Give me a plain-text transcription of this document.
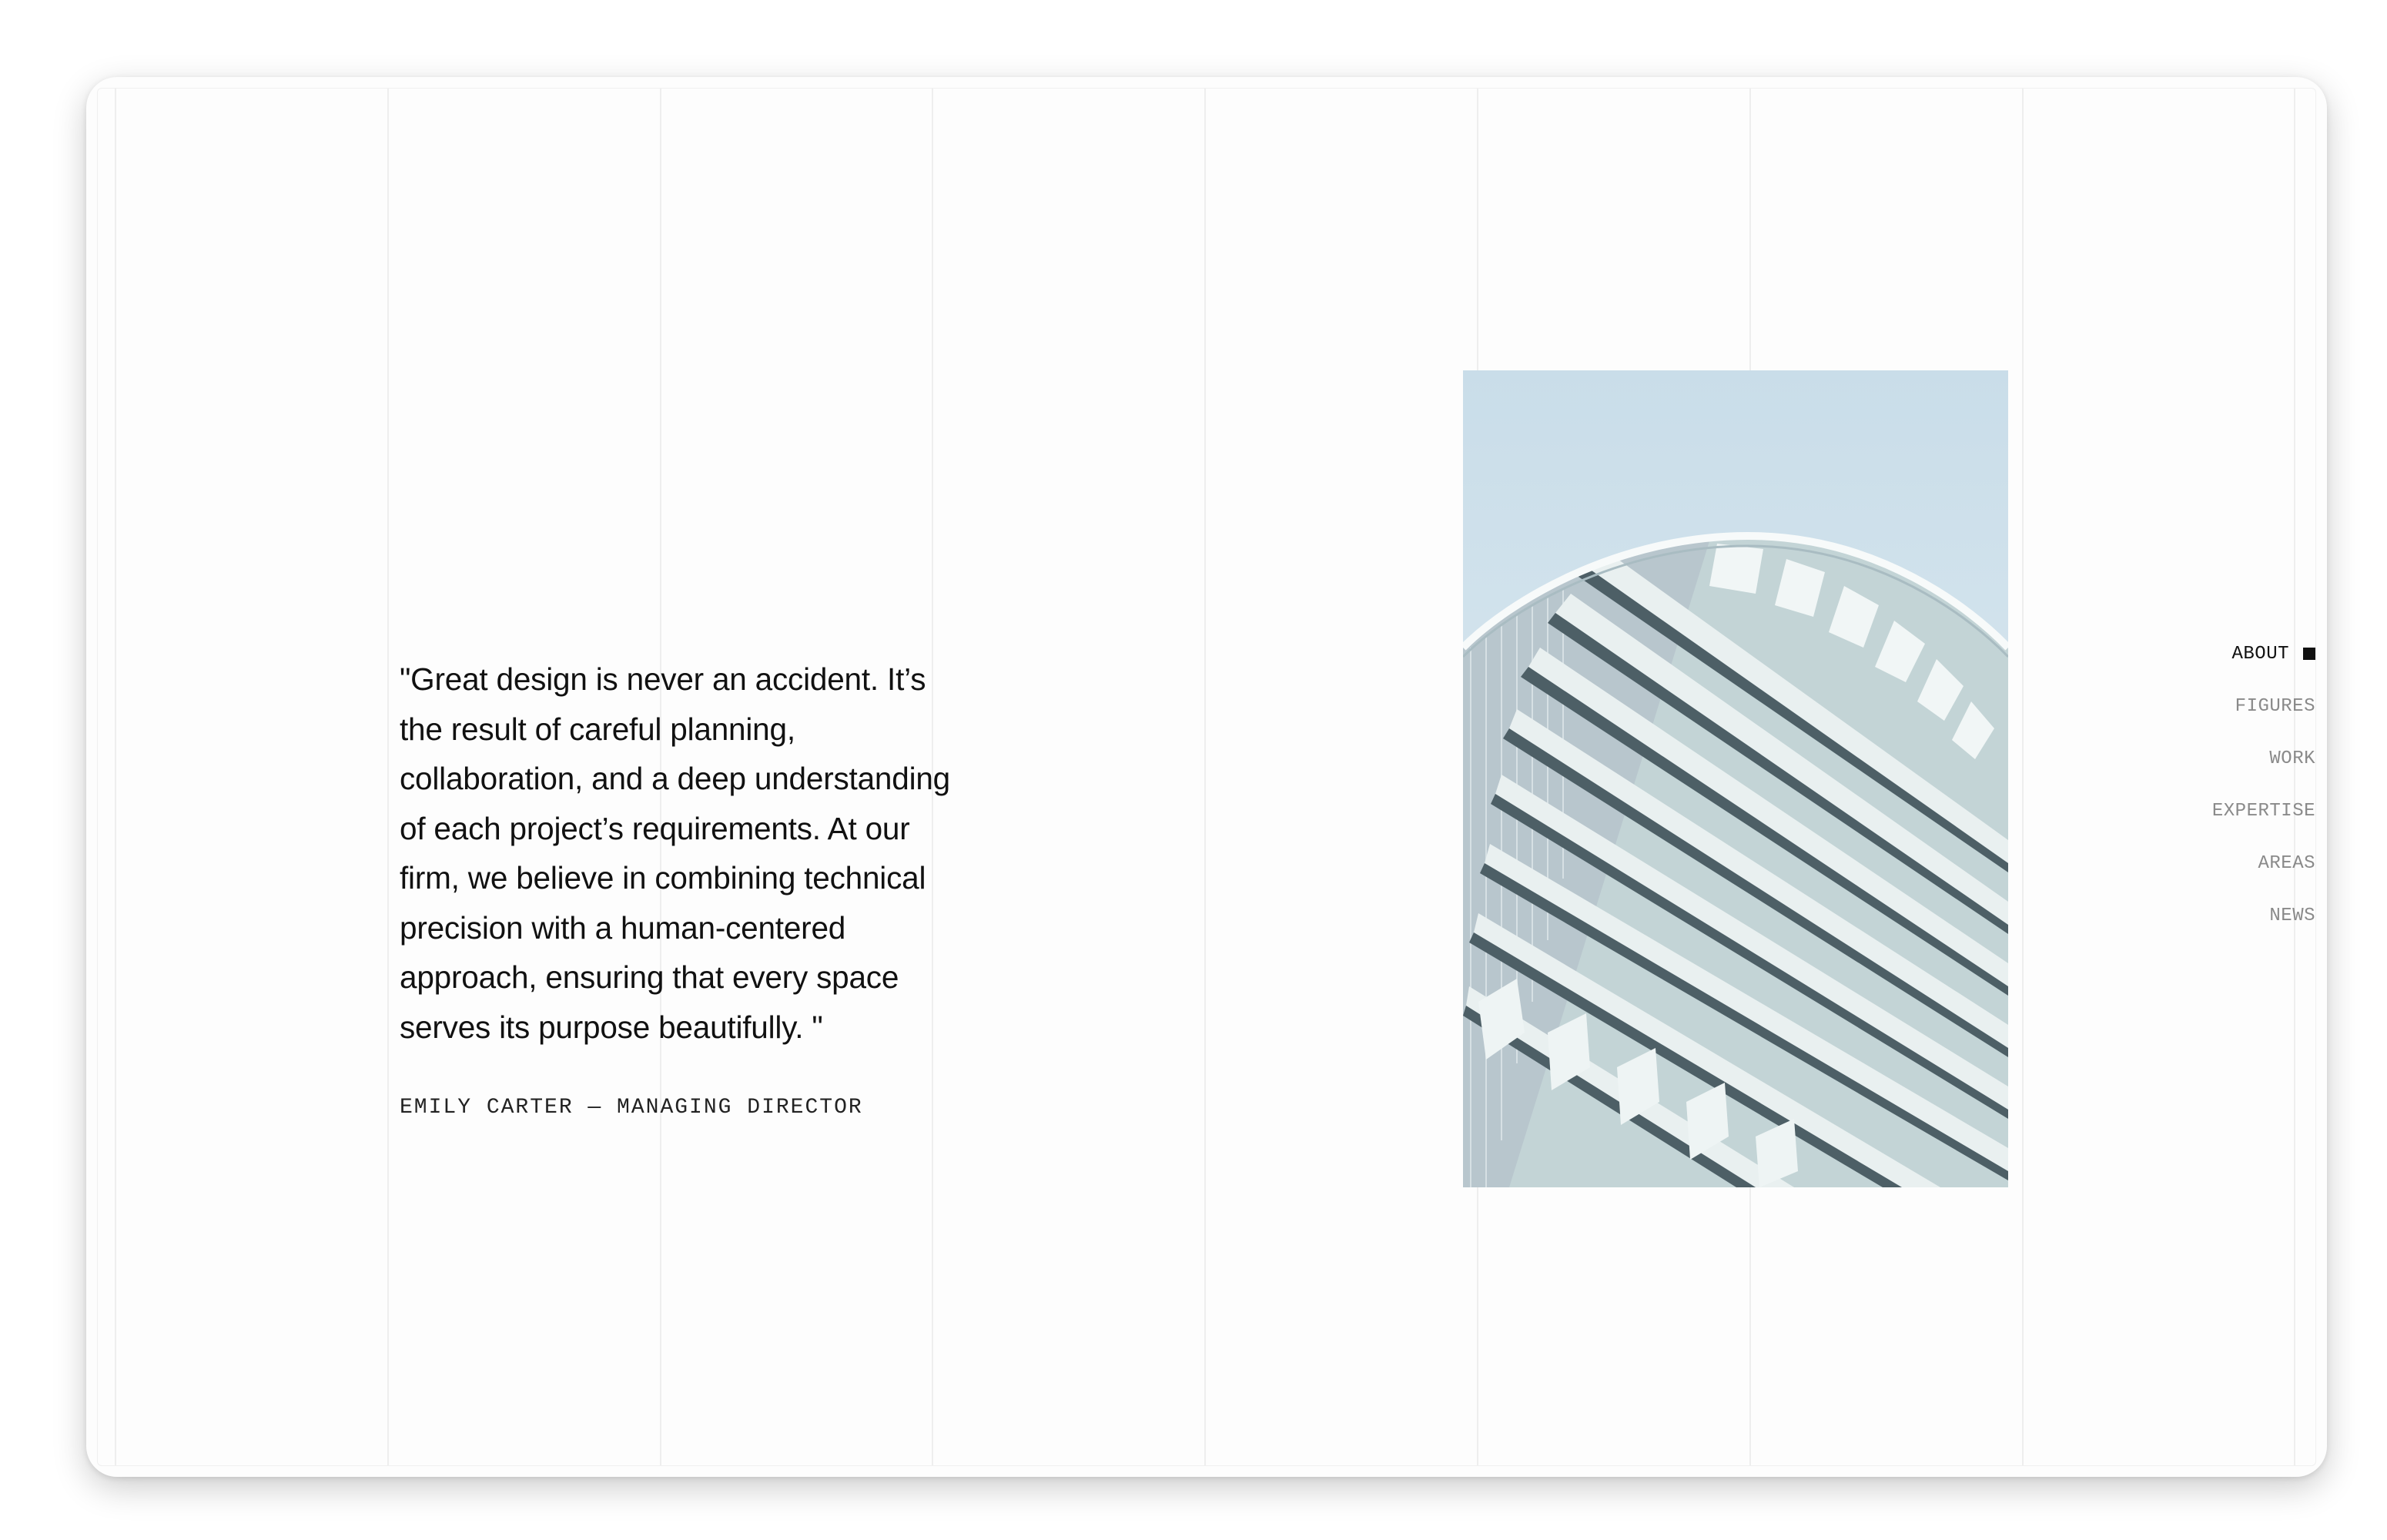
"Great design is never an accident. It’s the result of careful planning, collaboration, and a deep understanding of each project’s requirements. At our firm, we believe in combining technical precision with a human-centered approach, ensuring that every space serves its purpose beautifully. "

EMILY CARTER — MANAGING DIRECTOR
ABOUT
FIGURES
WORK
EXPERTISE
AREAS
NEWS
